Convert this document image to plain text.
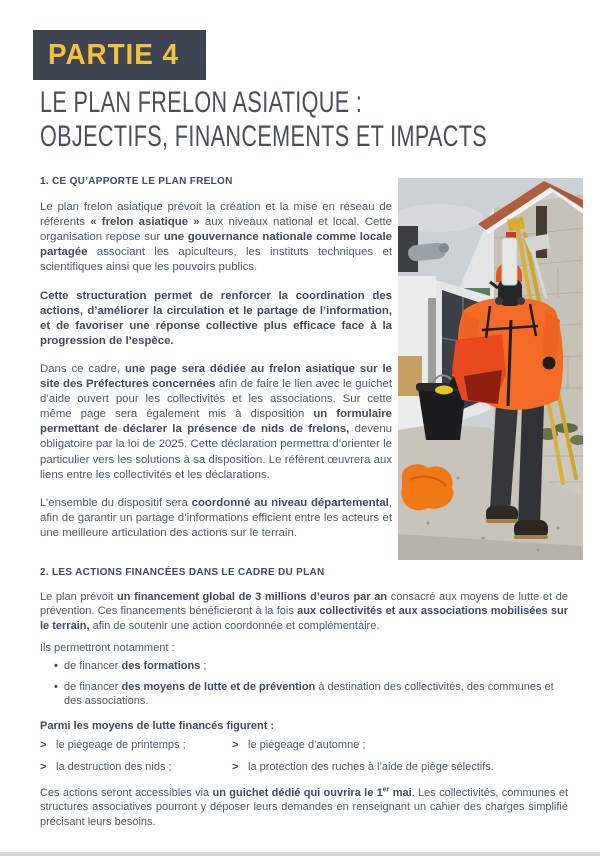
PARTIE 4
LE PLAN FRELON ASIATIQUE :
OBJECTIFS, FINANCEMENTS ET IMPACTS

1. CE QU’APPORTE LE PLAN FRELON

Le plan frelon asiatique prévoit la création et la mise en réseau de référents « frelon asiatique » aux niveaux national et local. Cette organisation repose sur une gouvernance nationale comme locale partagée associant les apiculteurs, les instituts techniques et scientifiques ainsi que les pouvoirs publics.

Cette structuration permet de renforcer la coordination des actions, d’améliorer la circulation et le partage de l’information, et de favoriser une réponse collective plus efficace face à la progression de l’espèce.

Dans ce cadre, une page sera dédiée au frelon asiatique sur le site des Préfectures concernées afin de faire le lien avec le guichet d’aide ouvert pour les collectivités et les associations. Sur cette même page sera également mis à disposition un formulaire permettant de déclarer la présence de nids de frelons, devenu obligatoire par la loi de 2025. Cette déclaration permettra d’orienter le particulier vers les solutions à sa disposition. Le référent œuvrera aux liens entre les collectivités et les déclarations.

L’ensemble du dispositif sera coordonné au niveau départemental, afin de garantir un partage d’informations efficient entre les acteurs et une meilleure articulation des actions sur le terrain.

2. LES ACTIONS FINANCÉES DANS LE CADRE DU PLAN

Le plan prévoit un financement global de 3 millions d’euros par an consacré aux moyens de lutte et de prévention. Ces financements bénéficieront à la fois aux collectivités et aux associations mobilisées sur le terrain, afin de soutenir une action coordonnée et complémentaire.

Ils permettront notamment :

• de financer des formations ;
• de financer des moyens de lutte et de prévention à destination des collectivités, des communes et des associations.

Parmi les moyens de lutte financés figurent :

> le piégeage de printemps ;	> le piégeage d’automne ;
> la destruction des nids ;	> la protection des ruches à l’aide de piège sélectifs.

Ces actions seront accessibles via un guichet dédié qui ouvrira le 1er mai. Les collectivités, communes et structures associatives pourront y déposer leurs demandes en renseignant un cahier des charges simplifié précisant leurs besoins.
